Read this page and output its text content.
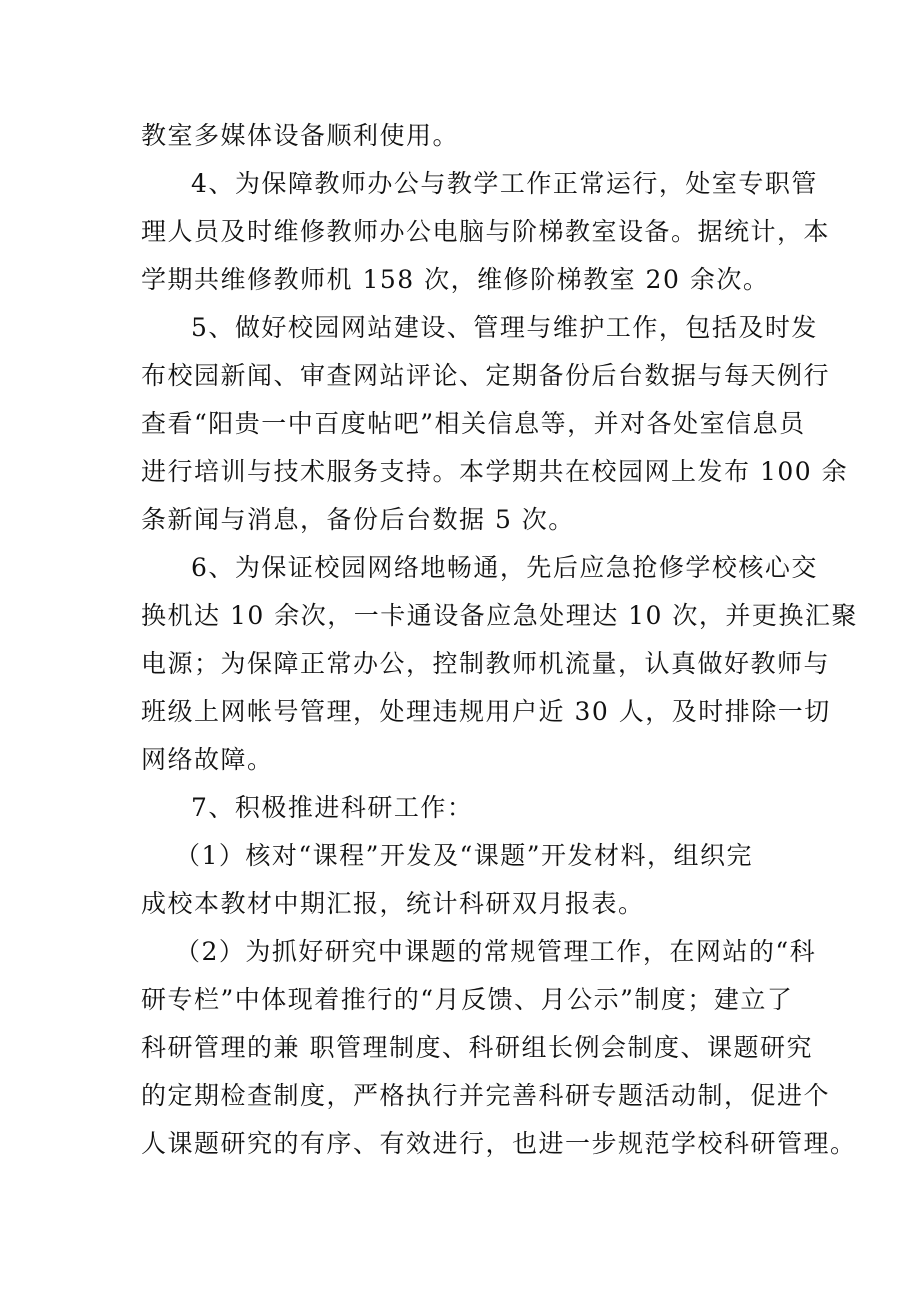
教室多媒体设备顺利使用。
4、为保障教师办公与教学工作正常运行，处室专职管
理人员及时维修教师办公电脑与阶梯教室设备。据统计，本
学期共维修教师机 158 次，维修阶梯教室 20 余次。
5、做好校园网站建设、管理与维护工作，包括及时发
布校园新闻、审查网站评论、定期备份后台数据与每天例行
查看“阳贵一中百度帖吧”相关信息等，并对各处室信息员
进行培训与技术服务支持。本学期共在校园网上发布 100 余
条新闻与消息，备份后台数据 5 次。
6、为保证校园网络地畅通，先后应急抢修学校核心交
换机达 10 余次，一卡通设备应急处理达 10 次，并更换汇聚
电源；为保障正常办公，控制教师机流量，认真做好教师与
班级上网帐号管理，处理违规用户近 30 人，及时排除一切
网络故障。
7、积极推进科研工作：
（1）核对“课程”开发及“课题”开发材料，组织完
成校本教材中期汇报，统计科研双月报表。
（2）为抓好研究中课题的常规管理工作，在网站的“科
研专栏”中体现着推行的“月反馈、月公示”制度；建立了
科研管理的兼 职管理制度、科研组长例会制度、课题研究
的定期检查制度，严格执行并完善科研专题活动制，促进个
人课题研究的有序、有效进行，也进一步规范学校科研管理。
